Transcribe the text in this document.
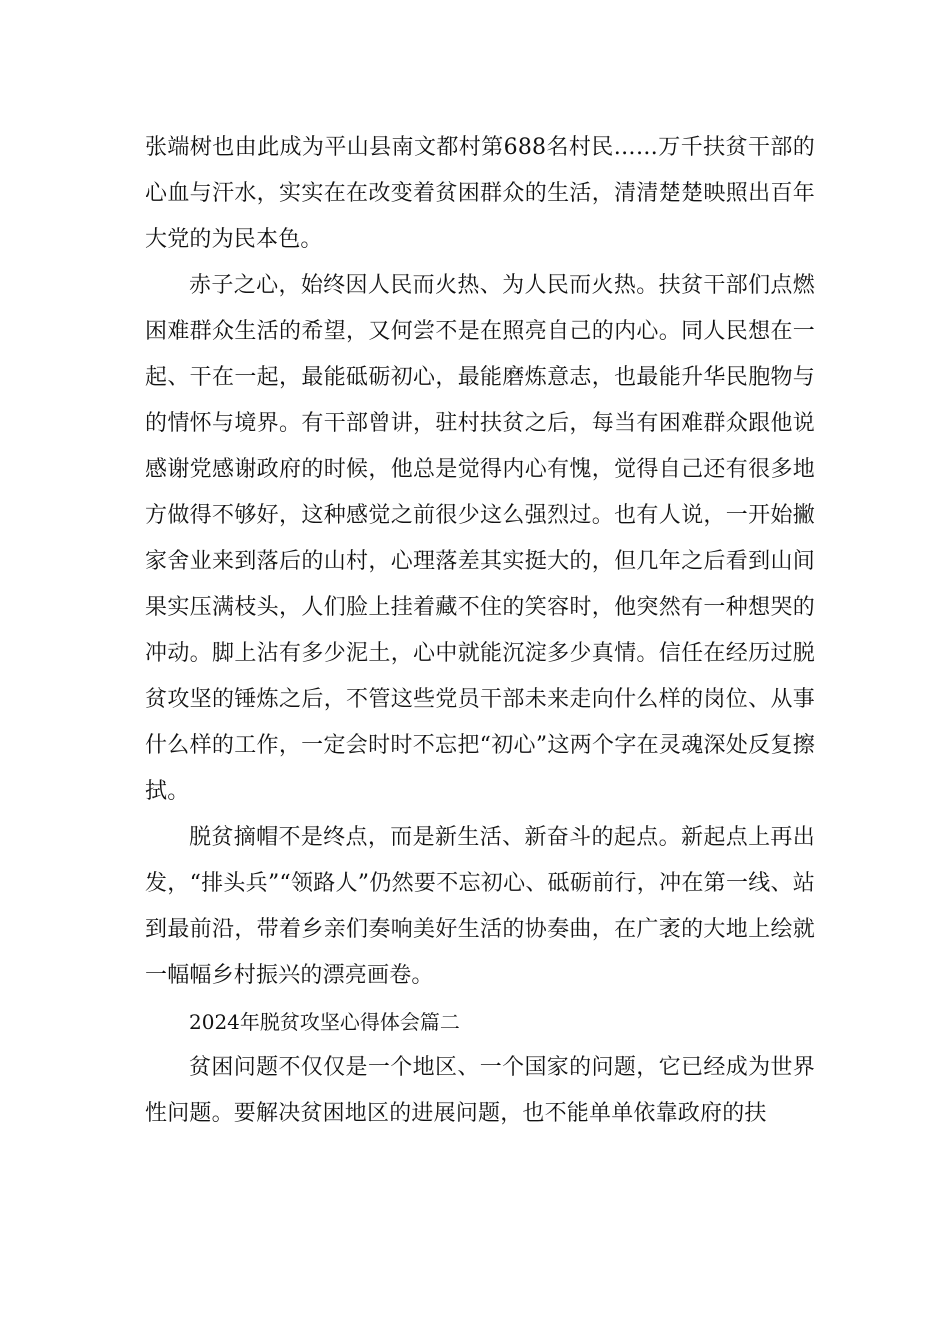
张端树也由此成为平山县南文都村第688名村民……万千扶贫干部的心血与汗水，实实在在改变着贫困群众的生活，清清楚楚映照出百年大党的为民本色。

赤子之心，始终因人民而火热、为人民而火热。扶贫干部们点燃困难群众生活的希望，又何尝不是在照亮自己的内心。同人民想在一起、干在一起，最能砥砺初心，最能磨炼意志，也最能升华民胞物与的情怀与境界。有干部曾讲，驻村扶贫之后，每当有困难群众跟他说感谢党感谢政府的时候，他总是觉得内心有愧，觉得自己还有很多地方做得不够好，这种感觉之前很少这么强烈过。也有人说，一开始撇家舍业来到落后的山村，心理落差其实挺大的，但几年之后看到山间果实压满枝头，人们脸上挂着藏不住的笑容时，他突然有一种想哭的冲动。脚上沾有多少泥土，心中就能沉淀多少真情。信任在经历过脱贫攻坚的锤炼之后，不管这些党员干部未来走向什么样的岗位、从事什么样的工作，一定会时时不忘把“初心”这两个字在灵魂深处反复擦拭。

脱贫摘帽不是终点，而是新生活、新奋斗的起点。新起点上再出发，“排头兵”“领路人”仍然要不忘初心、砥砺前行，冲在第一线、站到最前沿，带着乡亲们奏响美好生活的协奏曲，在广袤的大地上绘就一幅幅乡村振兴的漂亮画卷。

2024年脱贫攻坚心得体会篇二

贫困问题不仅仅是一个地区、一个国家的问题，它已经成为世界性问题。要解决贫困地区的进展问题，也不能单单依靠政府的扶
